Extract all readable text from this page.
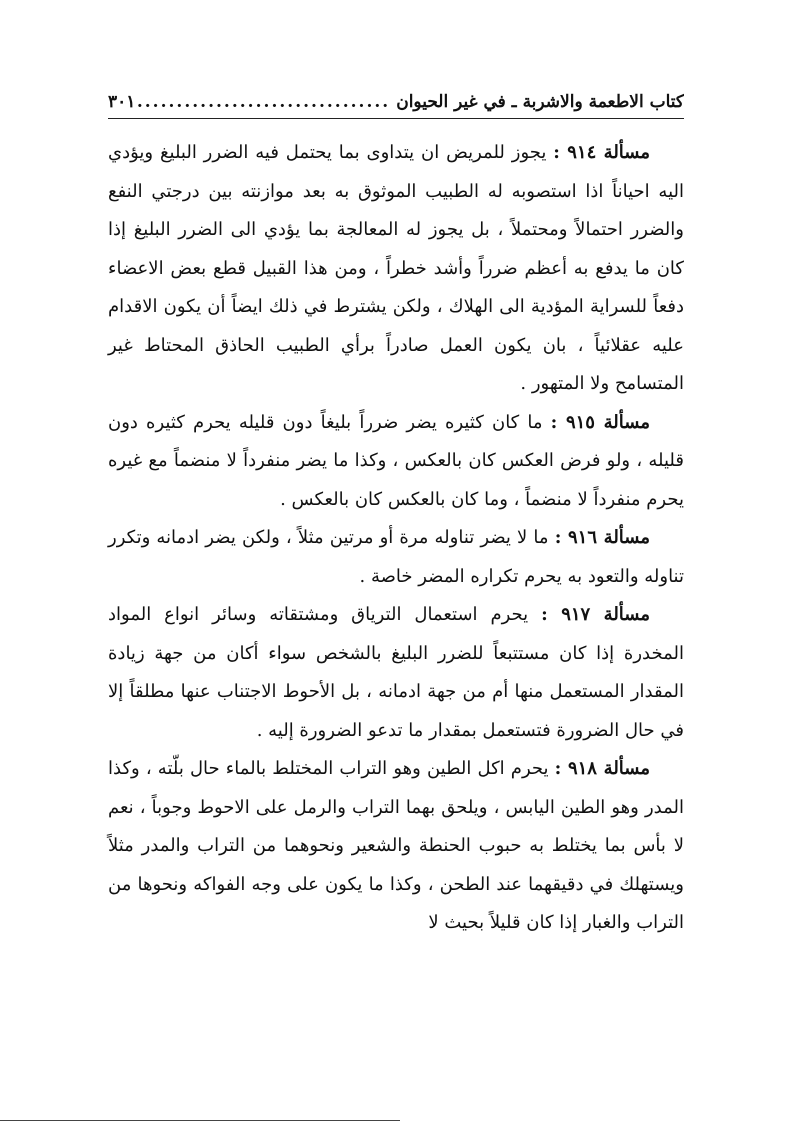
كتاب الاطعمة والاشربة ـ في غير الحيوان
................................
٣٠١

مسألة ٩١٤ : يجوز للمريض ان يتداوى بما يحتمل فيه الضرر البليغ ويؤدي اليه احياناً اذا استصوبه له الطبيب الموثوق به بعد موازنته بين درجتي النفع والضرر احتمالاً ومحتملاً ، بل يجوز له المعالجة بما يؤدي الى الضرر البليغ إذا كان ما يدفع به أعظم ضرراً وأشد خطراً ، ومن هذا القبيل قطع بعض الاعضاء دفعاً للسراية المؤدية الى الهلاك ، ولكن يشترط في ذلك ايضاً أن يكون الاقدام عليه عقلائياً ، بان يكون العمل صادراً برأي الطبيب الحاذق المحتاط غير المتسامح ولا المتهور .

مسألة ٩١٥ : ما كان كثيره يضر ضرراً بليغاً دون قليله يحرم كثيره دون قليله ، ولو فرض العكس كان بالعكس ، وكذا ما يضر منفرداً لا منضماً مع غيره يحرم منفرداً لا منضماً ، وما كان بالعكس كان بالعكس .

مسألة ٩١٦ : ما لا يضر تناوله مرة أو مرتين مثلاً ، ولكن يضر ادمانه وتكرر تناوله والتعود به يحرم تكراره المضر خاصة .

مسألة ٩١٧ : يحرم استعمال الترياق ومشتقاته وسائر انواع المواد المخدرة إذا كان مستتبعاً للضرر البليغ بالشخص سواء أكان من جهة زيادة المقدار المستعمل منها أم من جهة ادمانه ، بل الأحوط الاجتناب عنها مطلقاً إلا في حال الضرورة فتستعمل بمقدار ما تدعو الضرورة إليه .

مسألة ٩١٨ : يحرم اكل الطين وهو التراب المختلط بالماء حال بلّته ، وكذا المدر وهو الطين اليابس ، ويلحق بهما التراب والرمل على الاحوط وجوباً ، نعم لا بأس بما يختلط به حبوب الحنطة والشعير ونحوهما من التراب والمدر مثلاً ويستهلك في دقيقهما عند الطحن ، وكذا ما يكون على وجه الفواكه ونحوها من التراب والغبار إذا كان قليلاً بحيث لا
